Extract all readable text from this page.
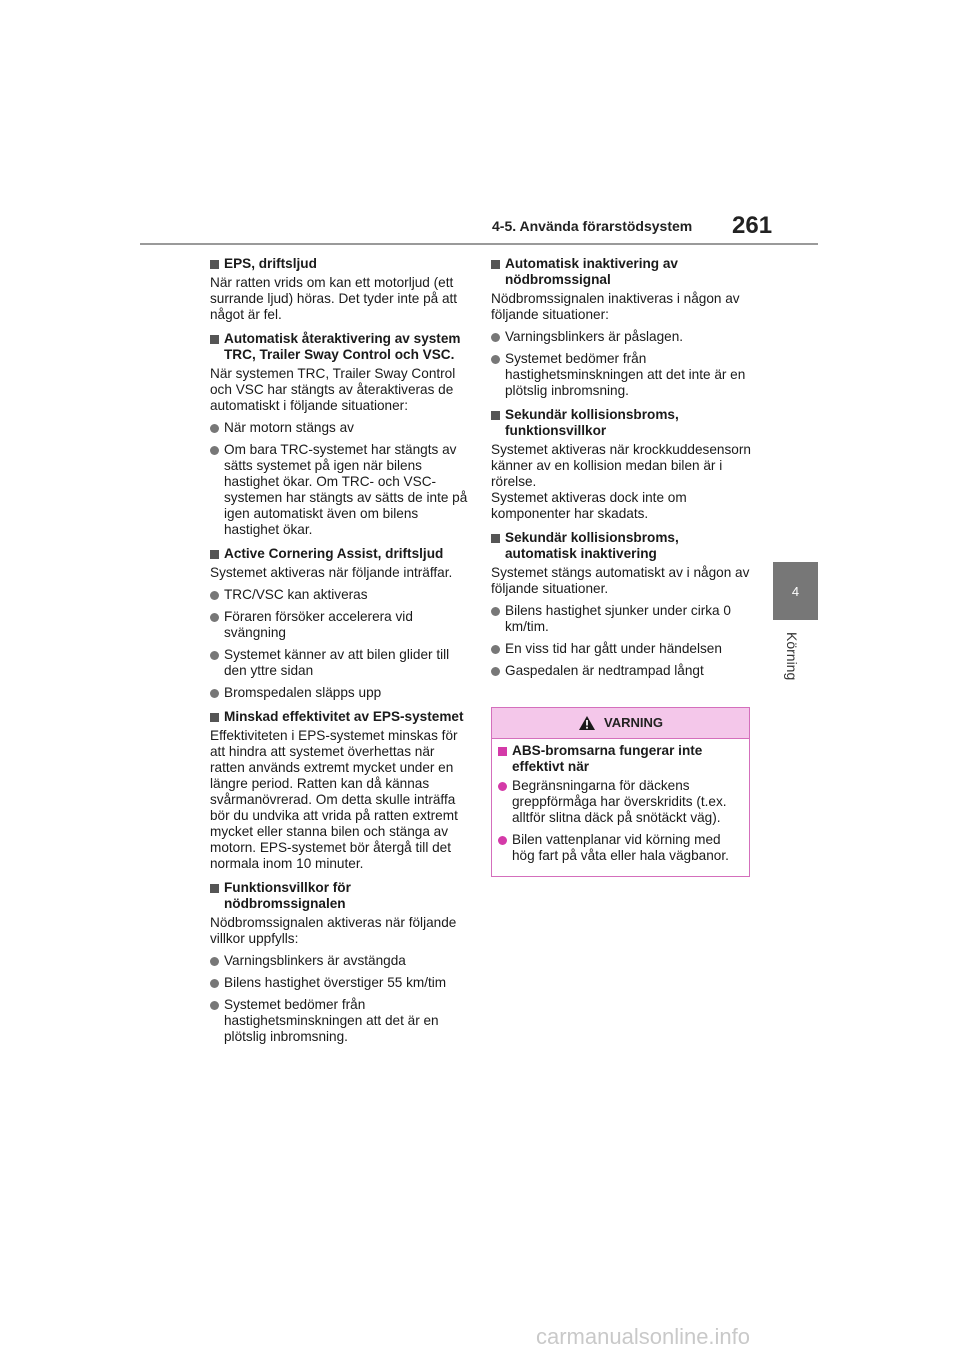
4-5. Använda förarstödsystem 261
4
Körning
EPS, driftsljud
När ratten vrids om kan ett motorljud (ett surrande ljud) höras. Det tyder inte på att något är fel.
Automatisk återaktivering av system TRC, Trailer Sway Control och VSC.
När systemen TRC, Trailer Sway Control och VSC har stängts av återaktiveras de automatiskt i följande situationer:
När motorn stängs av
Om bara TRC-systemet har stängts av sätts systemet på igen när bilens hastighet ökar. Om TRC- och VSC-systemen har stängts av sätts de inte på igen automatiskt även om bilens hastighet ökar.
Active Cornering Assist, driftsljud
Systemet aktiveras när följande inträffar.
TRC/VSC kan aktiveras
Föraren försöker accelerera vid svängning
Systemet känner av att bilen glider till den yttre sidan
Bromspedalen släpps upp
Minskad effektivitet av EPS-systemet
Effektiviteten i EPS-systemet minskas för att hindra att systemet överhettas när ratten används extremt mycket under en längre period. Ratten kan då kännas svårmanövrerad. Om detta skulle inträffa bör du undvika att vrida på ratten extremt mycket eller stanna bilen och stänga av motorn. EPS-systemet bör återgå till det normala inom 10 minuter.
Funktionsvillkor för nödbromssignalen
Nödbromssignalen aktiveras när följande villkor uppfylls:
Varningsblinkers är avstängda
Bilens hastighet överstiger 55 km/tim
Systemet bedömer från hastighetsminskningen att det är en plötslig inbromsning.
Automatisk inaktivering av nödbromssignal
Nödbromssignalen inaktiveras i någon av följande situationer:
Varningsblinkers är påslagen.
Systemet bedömer från hastighetsminskningen att det inte är en plötslig inbromsning.
Sekundär kollisionsbroms, funktionsvillkor
Systemet aktiveras när krockkuddesensorn känner av en kollision medan bilen är i rörelse.
Systemet aktiveras dock inte om komponenter har skadats.
Sekundär kollisionsbroms, automatisk inaktivering
Systemet stängs automatiskt av i någon av följande situationer.
Bilens hastighet sjunker under cirka 0 km/tim.
En viss tid har gått under händelsen
Gaspedalen är nedtrampad långt
VARNING
ABS-bromsarna fungerar inte effektivt när
Begränsningarna för däckens greppförmåga har överskridits (t.ex. alltför slitna däck på snötäckt väg).
Bilen vattenplanar vid körning med hög fart på våta eller hala vägbanor.
carmanualsonline.info
